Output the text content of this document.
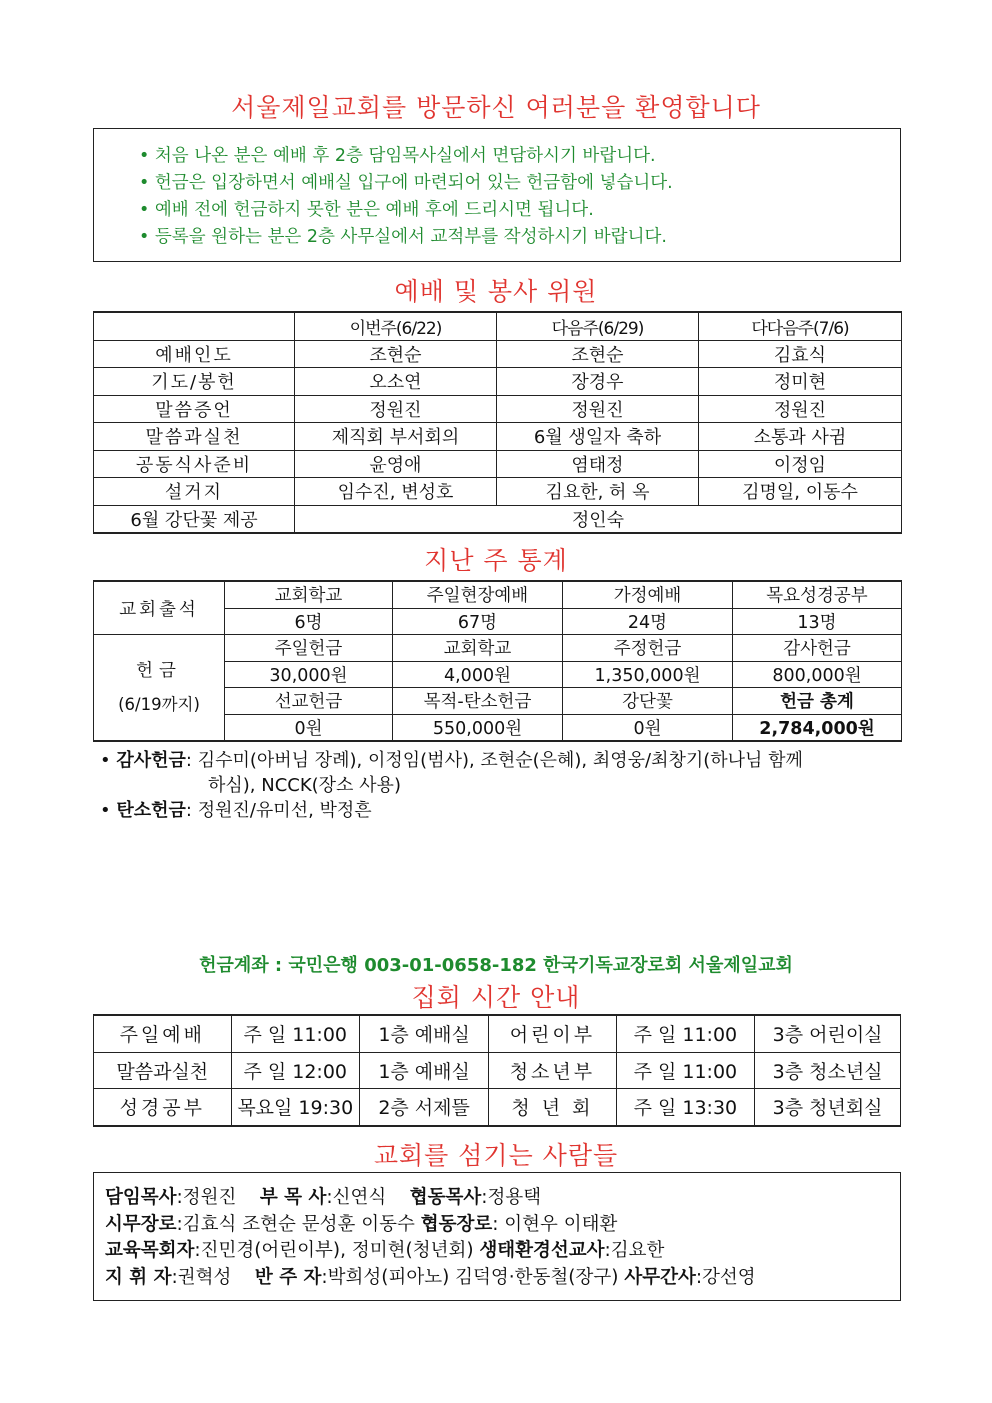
서울제일교회를 방문하신 여러분을 환영합니다
• 처음 나온 분은 예배 후 2층 담임목사실에서 면담하시기 바랍니다.
• 헌금은 입장하면서 예배실 입구에 마련되어 있는 헌금함에 넣습니다.
• 예배 전에 헌금하지 못한 분은 예배 후에 드리시면 됩니다.
• 등록을 원하는 분은 2층 사무실에서 교적부를 작성하시기 바랍니다.
예배 및 봉사 위원
	이번주(6/22)	다음주(6/29)	다다음주(7/6)
예배인도	조현순	조현순	김효식
기도/봉헌	오소연	장경우	정미현
말씀증언	정원진	정원진	정원진
말씀과실천	제직회 부서회의	6월 생일자 축하	소통과 사귐
공동식사준비	윤영애	염태정	이정임
설거지	임수진, 변성호	김요한, 허 옥	김명일, 이동수
6월 강단꽃 제공	정인숙		
지난 주 통계
교회출석	교회학교	주일현장예배	가정예배	목요성경공부
	6명	67명	24명	13명

헌금
(6/19까지)	주일헌금	교회학교	주정헌금	감사헌금
	30,000원	4,000원	1,350,000원	800,000원
	선교헌금	목적-탄소헌금	강단꽃	헌금 총계
	0원	550,000원	0원	2,784,000원
• 감사헌금: 김수미(아버님 장례), 이정임(범사), 조현순(은혜), 최영웅/최창기(하나님 함께
하심), NCCK(장소 사용)
• 탄소헌금: 정원진/유미선, 박정흔
헌금계좌 : 국민은행 003-01-0658-182 한국기독교장로회 서울제일교회
집회 시간 안내
주일예배	주 일 11:00	1층 예배실	어린이부	주 일 11:00	3층 어린이실
말씀과실천	주 일 12:00	1층 예배실	청소년부	주 일 11:00	3층 청소년실
성경공부	목요일 19:30	2층 서제뜰	청 년 회	주 일 13:30	3층 청년회실
교회를 섬기는 사람들
담임목사:정원진    부 목 사:신연식    협동목사:정용택
시무장로:김효식 조현순 문성훈 이동수 협동장로: 이현우 이태환
교육목회자:진민경(어린이부), 정미현(청년회) 생태환경선교사:김요한
지 휘 자:권혁성    반 주 자:박희성(피아노) 김덕영·한동철(장구) 사무간사:강선영
